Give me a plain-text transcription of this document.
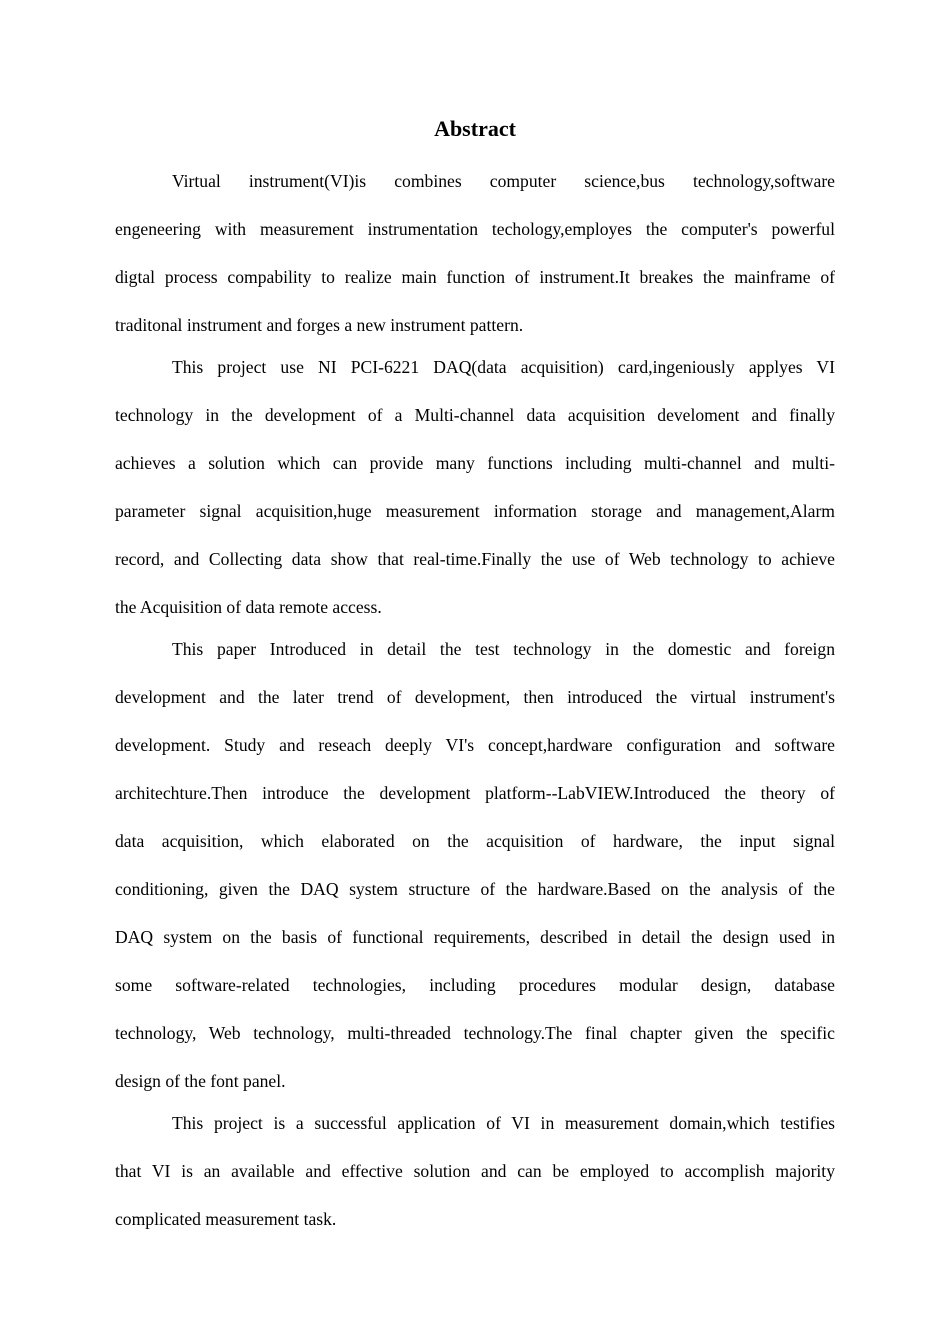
Abstract

Virtual instrument(VI)is combines computer science,bus technology,software
engeneering with measurement instrumentation techology,employes the computer's powerful
digtal process compability to realize main function of instrument.It breakes the mainframe of
traditonal instrument and forges a new instrument pattern.

This project use NI PCI-6221 DAQ(data acquisition) card,ingeniously applyes VI
technology in the development of a Multi-channel data acquisition develoment and finally
achieves a solution which can provide many functions including multi-channel and multi-
parameter signal acquisition,huge measurement information storage and management,Alarm
record, and Collecting data show that real-time.Finally the use of Web technology to achieve
the Acquisition of data remote access.

This paper Introduced in detail the test technology in the domestic and foreign
development and the later trend of development, then introduced the virtual instrument's
development. Study and reseach deeply VI's concept,hardware configuration and software
architechture.Then introduce the development platform--LabVIEW.Introduced the theory of
data acquisition, which elaborated on the acquisition of hardware, the input signal
conditioning, given the DAQ system structure of the hardware.Based on the analysis of the
DAQ system on the basis of functional requirements, described in detail the design used in
some software-related technologies, including procedures modular design, database
technology, Web technology, multi-threaded technology.The final chapter given the specific
design of the font panel.

This project is a successful application of VI in measurement domain,which testifies
that VI is an available and effective solution and can be employed to accomplish majority
complicated measurement task.
